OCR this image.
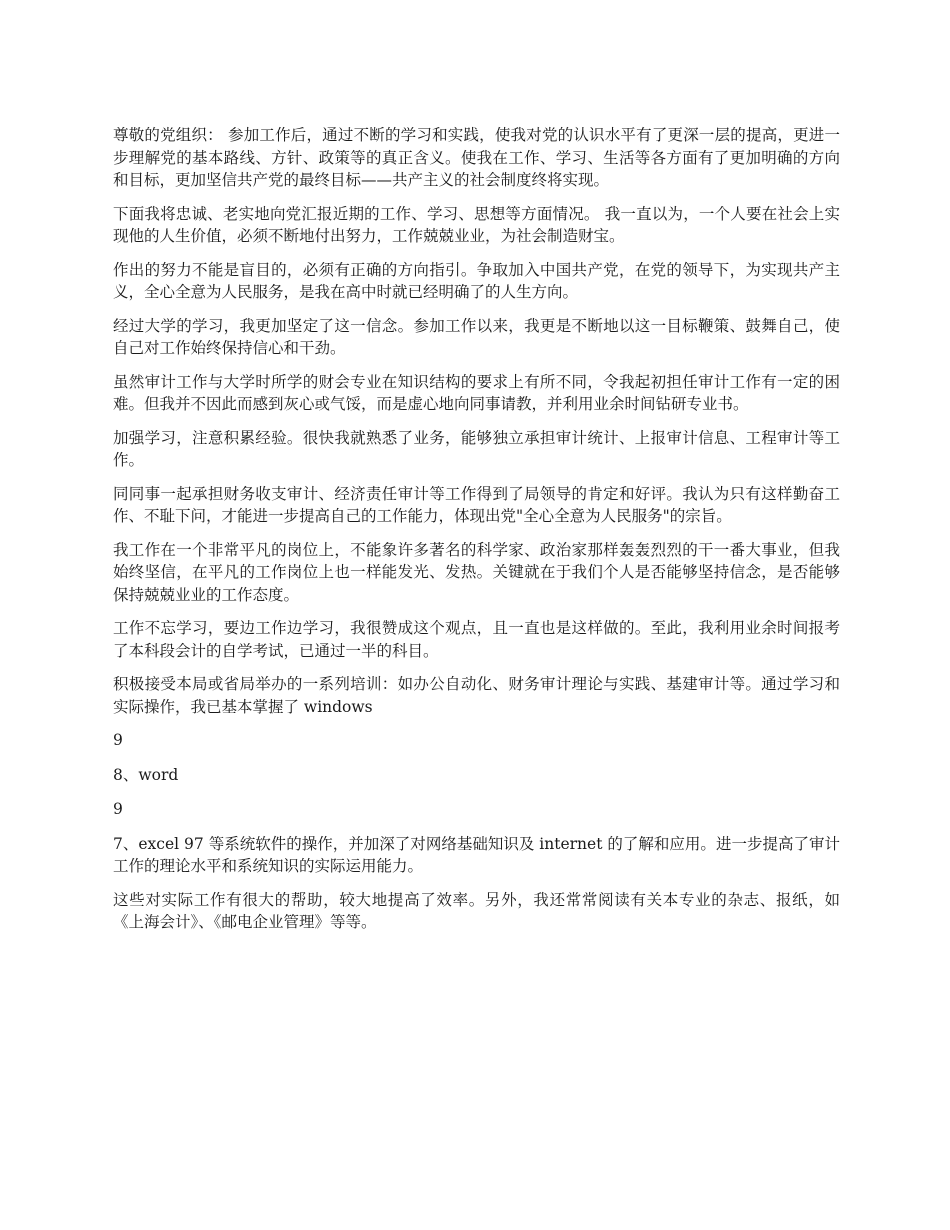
尊敬的党组织： 参加工作后，通过不断的学习和实践，使我对党的认识水平有了更深一层的提高，更进一步理解党的基本路线、方针、政策等的真正含义。使我在工作、学习、生活等各方面有了更加明确的方向和目标，更加坚信共产党的最终目标——共产主义的社会制度终将实现。

下面我将忠诚、老实地向党汇报近期的工作、学习、思想等方面情况。 我一直以为，一个人要在社会上实现他的人生价值，必须不断地付出努力，工作兢兢业业，为社会制造财宝。

作出的努力不能是盲目的，必须有正确的方向指引。争取加入中国共产党，在党的领导下，为实现共产主义，全心全意为人民服务，是我在高中时就已经明确了的人生方向。

经过大学的学习，我更加坚定了这一信念。参加工作以来，我更是不断地以这一目标鞭策、鼓舞自己，使自己对工作始终保持信心和干劲。

虽然审计工作与大学时所学的财会专业在知识结构的要求上有所不同，令我起初担任审计工作有一定的困难。但我并不因此而感到灰心或气馁，而是虚心地向同事请教，并利用业余时间钻研专业书。

加强学习，注意积累经验。很快我就熟悉了业务，能够独立承担审计统计、上报审计信息、工程审计等工作。

同同事一起承担财务收支审计、经济责任审计等工作得到了局领导的肯定和好评。我认为只有这样勤奋工作、不耻下问，才能进一步提高自己的工作能力，体现出党"全心全意为人民服务"的宗旨。

我工作在一个非常平凡的岗位上，不能象许多著名的科学家、政治家那样轰轰烈烈的干一番大事业，但我始终坚信，在平凡的工作岗位上也一样能发光、发热。关键就在于我们个人是否能够坚持信念，是否能够保持兢兢业业的工作态度。

工作不忘学习，要边工作边学习，我很赞成这个观点，且一直也是这样做的。至此，我利用业余时间报考了本科段会计的自学考试，已通过一半的科目。

积极接受本局或省局举办的一系列培训：如办公自动化、财务审计理论与实践、基建审计等。通过学习和实际操作，我已基本掌握了 windows

9

8、word

9

7、excel 97 等系统软件的操作，并加深了对网络基础知识及 internet 的了解和应用。进一步提高了审计工作的理论水平和系统知识的实际运用能力。

这些对实际工作有很大的帮助，较大地提高了效率。另外，我还常常阅读有关本专业的杂志、报纸，如《上海会计》、《邮电企业管理》等等。
